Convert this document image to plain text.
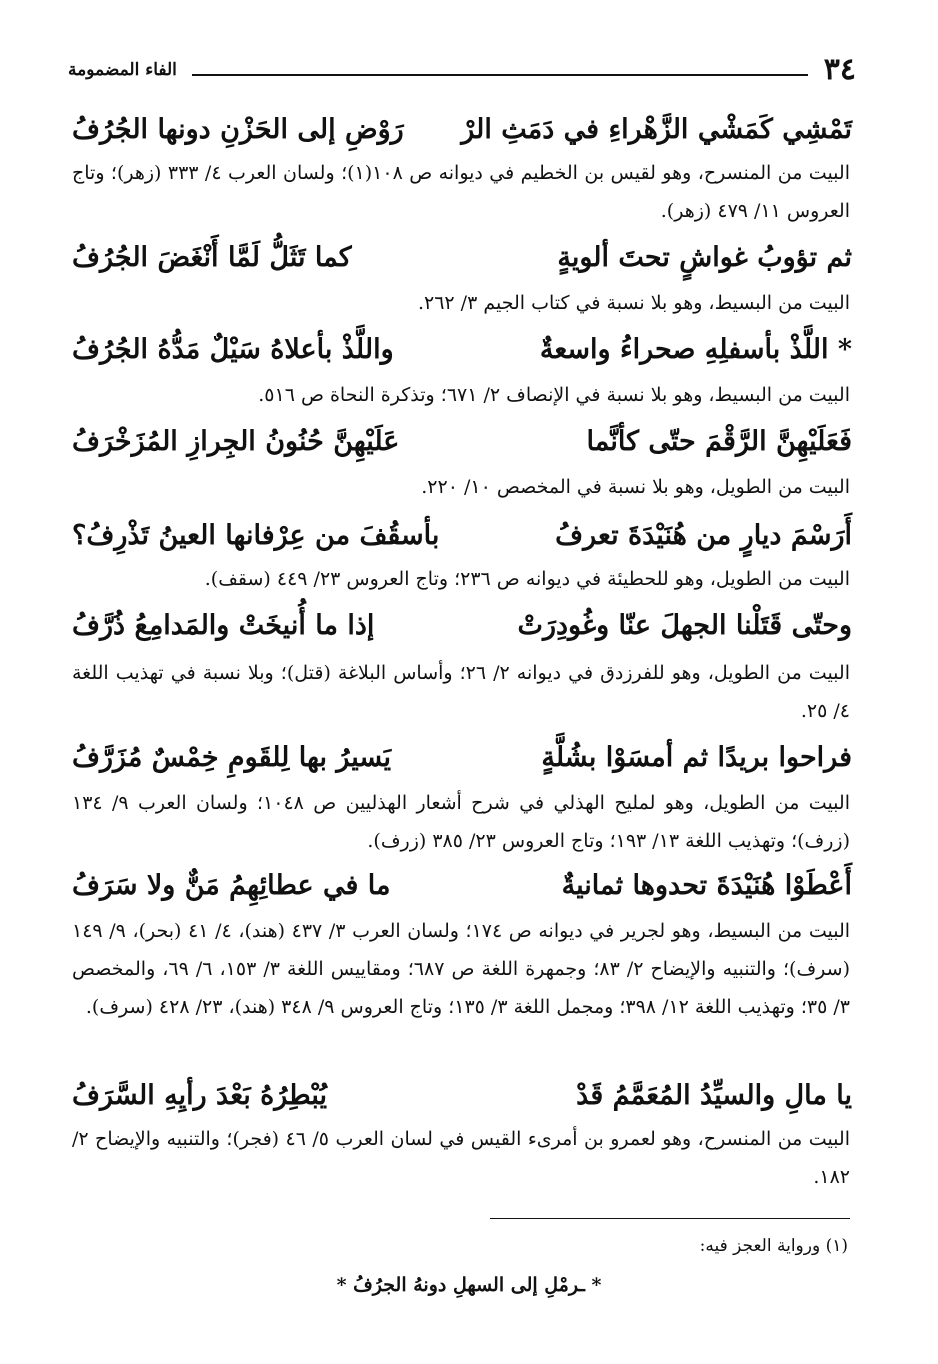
٣٤
الفاء المضمومة
تَمْشِي كَمَشْي الزَّهْراءِ في دَمَثِ الرْ
رَوْضِ إلى الحَزْنِ دونها الجُرُفُ

البيت من المنسرح، وهو لقيس بن الخطيم في ديوانه ص ١٠٨(١)؛ ولسان العرب ٤/ ٣٣٣ (زهر)؛ وتاج العروس ١١/ ٤٧٩ (زهر).

ثم تؤوبُ غواشٍ تحتَ ألويةٍ
كما تَثَلُّ لَمَّا أَنْغَضَ الجُرُفُ

البيت من البسيط، وهو بلا نسبة في كتاب الجيم ٣/ ٢٦٢.

* اللَّذْ بأسفلِهِ صحراءُ واسعةٌ
واللَّذْ بأعلاهُ سَيْلٌ مَدُّهُ الجُرُفُ

البيت من البسيط، وهو بلا نسبة في الإنصاف ٢/ ٦٧١؛ وتذكرة النحاة ص ٥١٦.

فَعَلَيْهِنَّ الرَّقْمَ حتّى كأنَّما
عَلَيْهِنَّ حُنُونُ الجِرازِ المُزَخْرَفُ

البيت من الطويل، وهو بلا نسبة في المخصص ١٠/ ٢٢٠.

أَرَسْمَ ديارٍ من هُنَيْدَةَ تعرفُ
بأسقُفَ من عِرْفانها العينُ تَذْرِفُ؟

البيت من الطويل، وهو للحطيئة في ديوانه ص ٢٣٦؛ وتاج العروس ٢٣/ ٤٤٩ (سقف).

وحتّى قَتَلْنا الجهلَ عنّا وغُودِرَتْ
إذا ما أُنيخَتْ والمَدامِعُ ذُرَّفُ

البيت من الطويل، وهو للفرزدق في ديوانه ٢/ ٢٦؛ وأساس البلاغة (قتل)؛ وبلا نسبة في تهذيب اللغة ٤/ ٢٥.

فراحوا بريدًا ثم أمسَوْا بشُلَّةٍ
يَسيرُ بها لِلقَومِ خِمْسٌ مُزَرَّفُ

البيت من الطويل، وهو لمليح الهذلي في شرح أشعار الهذليين ص ١٠٤٨؛ ولسان العرب ٩/ ١٣٤ (زرف)؛ وتهذيب اللغة ١٣/ ١٩٣؛ وتاج العروس ٢٣/ ٣٨٥ (زرف).

أَعْطَوْا هُنَيْدَةَ تحدوها ثمانيةٌ
ما في عطائِهِمُ مَنٌّ ولا سَرَفُ

البيت من البسيط، وهو لجرير في ديوانه ص ١٧٤؛ ولسان العرب ٣/ ٤٣٧ (هند)، ٤/ ٤١ (بحر)، ٩/ ١٤٩ (سرف)؛ والتنبيه والإيضاح ٢/ ٨٣؛ وجمهرة اللغة ص ٦٨٧؛ ومقاييس اللغة ٣/ ١٥٣، ٦/ ٦٩، والمخصص ٣/ ٣٥؛ وتهذيب اللغة ١٢/ ٣٩٨؛ ومجمل اللغة ٣/ ١٣٥؛ وتاج العروس ٩/ ٣٤٨ (هند)، ٢٣/ ٤٢٨ (سرف).

يا مالِ والسيِّدُ المُعَمَّمُ قَدْ
يُبْطِرُهُ بَعْدَ رأيِهِ السَّرَفُ

البيت من المنسرح، وهو لعمرو بن أمرىء القيس في لسان العرب ٥/ ٤٦ (فجر)؛ والتنبيه والإيضاح ٢/ ١٨٢.

(١) ورواية العجز فيه:
* ـرمْلِ إلى السهلِ دونهُ الجرُفُ *
